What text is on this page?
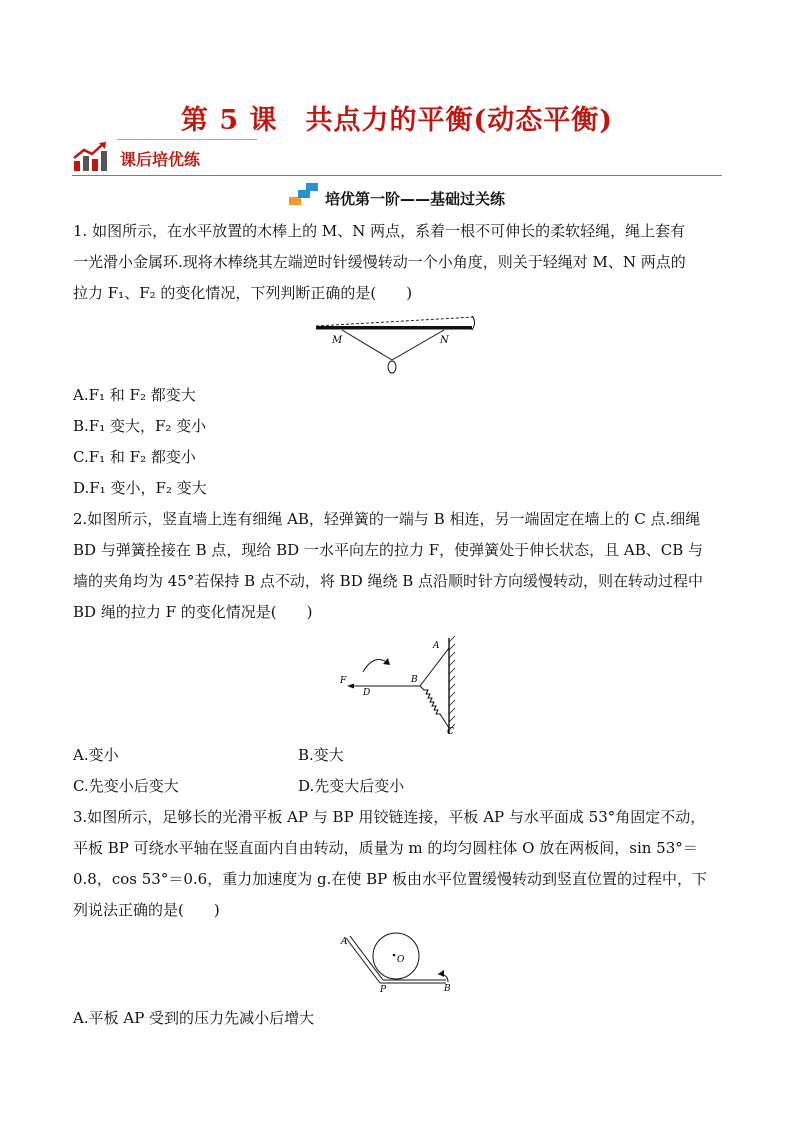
第 5 课　共点力的平衡(动态平衡)
课后培优练
培优第一阶——基础过关练
1. 如图所示，在水平放置的木棒上的 M、N 两点，系着一根不可伸长的柔软轻绳，绳上套有
一光滑小金属环.现将木棒绕其左端逆时针缓慢转动一个小角度，则关于轻绳对 M、N 两点的
拉力 F₁、F₂ 的变化情况，下列判断正确的是(　　)
M	N
A.F₁ 和 F₂ 都变大
B.F₁ 变大，F₂ 变小
C.F₁ 和 F₂ 都变小
D.F₁ 变小，F₂ 变大
2.如图所示，竖直墙上连有细绳 AB，轻弹簧的一端与 B 相连，另一端固定在墙上的 C 点.细绳
BD 与弹簧拴接在 B 点，现给 BD 一水平向左的拉力 F，使弹簧处于伸长状态，且 AB、CB 与
墙的夹角均为 45°若保持 B 点不动，将 BD 绳绕 B 点沿顺时针方向缓慢转动，则在转动过程中
BD 绳的拉力 F 的变化情况是(　　)
A
B
C
D
F
A.变小	B.变大
C.先变小后变大	D.先变大后变小
3.如图所示，足够长的光滑平板 AP 与 BP 用铰链连接，平板 AP 与水平面成 53°角固定不动，
平板 BP 可绕水平轴在竖直面内自由转动，质量为 m 的均匀圆柱体 O 放在两板间，sin 53°＝
0.8，cos 53°＝0.6，重力加速度为 g.在使 BP 板由水平位置缓慢转动到竖直位置的过程中，下
列说法正确的是(　　)
A
O
P	B
A.平板 AP 受到的压力先减小后增大
